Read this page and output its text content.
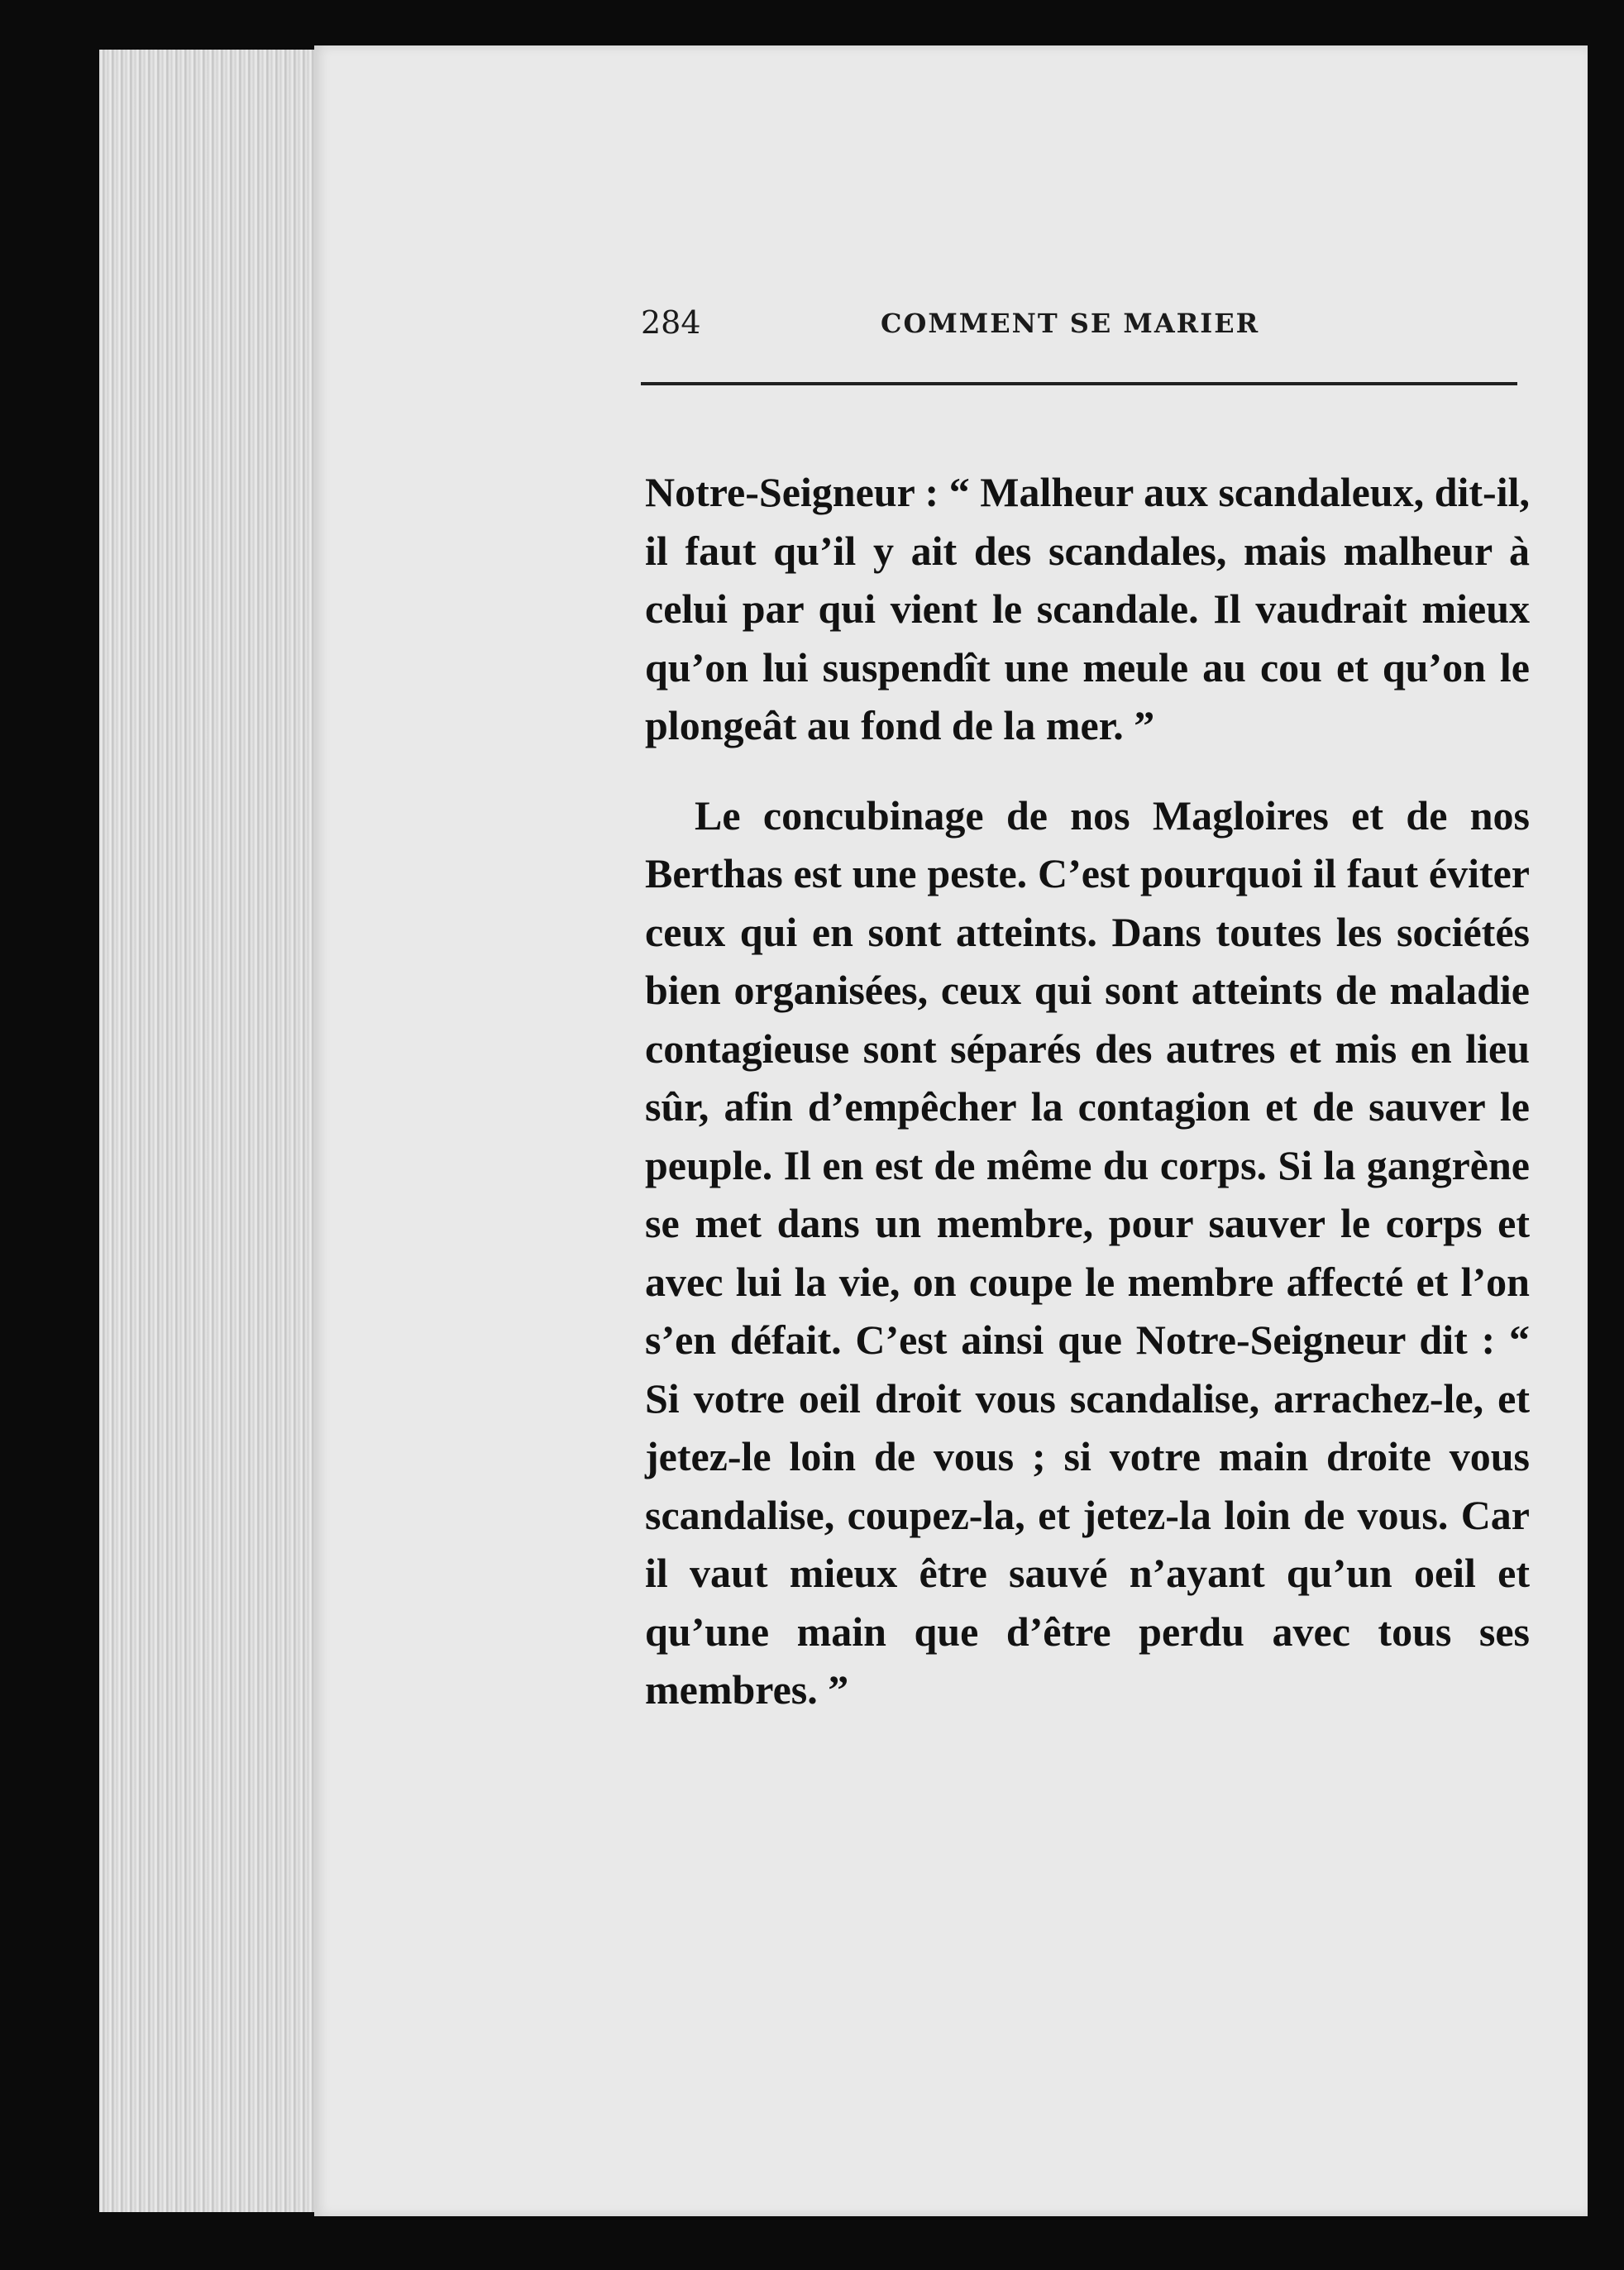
284	COMMENT SE MARIER

Notre-Seigneur : “ Malheur aux scandaleux, dit-il, il faut qu’il y ait des scandales, mais malheur à celui par qui vient le scandale. Il vaudrait mieux qu’on lui suspendît une meule au cou et qu’on le plongeât au fond de la mer. ”

Le concubinage de nos Magloires et de nos Berthas est une peste. C’est pourquoi il faut éviter ceux qui en sont atteints. Dans toutes les sociétés bien organisées, ceux qui sont atteints de maladie contagieuse sont séparés des autres et mis en lieu sûr, afin d’empêcher la contagion et de sauver le peuple. Il en est de même du corps. Si la gangrène se met dans un membre, pour sauver le corps et avec lui la vie, on coupe le membre affecté et l’on s’en défait. C’est ainsi que Notre-Seigneur dit : “ Si votre oeil droit vous scandalise, arrachez-le, et jetez-le loin de vous ; si votre main droite vous scandalise, coupez-la, et jetez-la loin de vous. Car il vaut mieux être sauvé n’ayant qu’un oeil et qu’une main que d’être perdu avec tous ses membres. ”
